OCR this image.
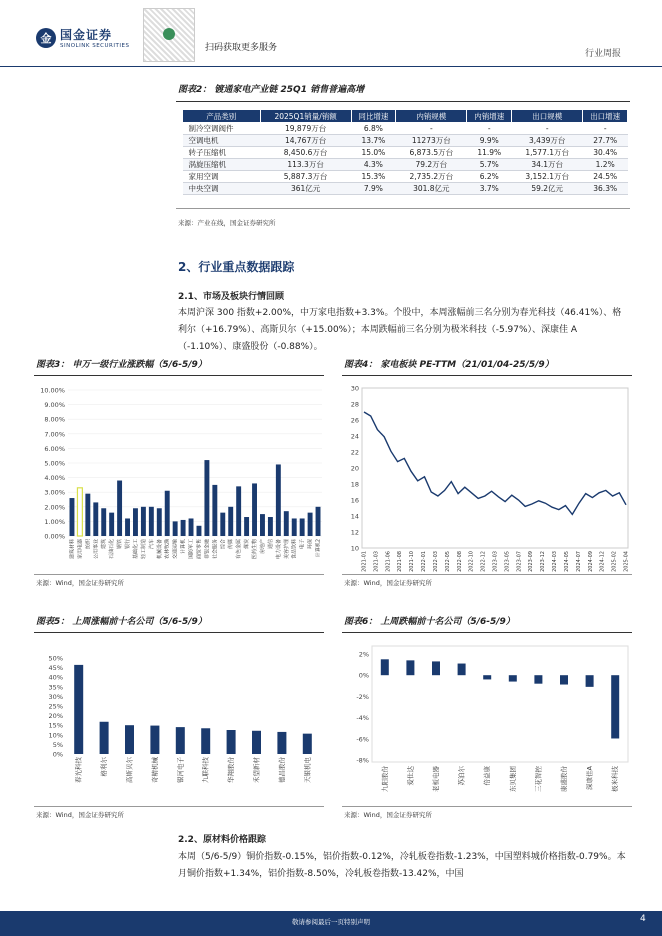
金 国金证券
SINOLINK SECURITIES	扫码获取更多服务
行业周报
图表2： 镀通家电产业链 25Q1 销售普遍高增
产品类别	2025Q1销量/销额	同比增速	内销规模	内销增速	出口规模	出口增速
制冷空调阀件	19,879万台	6.8%	-	-	-	-
空调电机	14,767万台	13.7%	11273万台	9.9%	3,439万台	27.7%
转子压缩机	8,450.6万台	15.0%	6,873.5万台	11.9%	1,577.1万台	30.4%
涡旋压缩机	113.3万台	4.3%	79.2万台	5.7%	34.1万台	1.2%
家用空调	5,887.3万台	15.3%	2,735.2万台	6.2%	3,152.1万台	24.5%
中央空调	361亿元	7.9%	301.8亿元	3.7%	59.2亿元	36.3%
来源：产业在线，国金证券研究所
2、行业重点数据跟踪
2.1、市场及板块行情回顾
本周沪深 300 指数+2.00%，中万家电指数+3.3%。个股中，本周涨幅前三名分别为春光科技（46.41%）、格利尔（+16.79%）、高斯贝尔（+15.00%）；本周跌幅前三名分别为极米科技（-5.97%）、深康佳 A（-1.10%）、康盛股份（-0.88%）。
图表3： 申万一级行业涨跌幅（5/6-5/9）
10.00%
9.00%
8.00%
7.00%
6.00%
5.00%
4.00%
3.00%
2.00%
1.00%
0.00%
建筑材料 家用电器 纺织 公用事业 建筑 石油石化 钢铁 银行 基础化工 轻工制造 汽车 机械设备 农林牧渔 交通运输 计算机 国防军工 商贸零售 非银金融 社会服务 综合 传媒 有色金属 煤炭 医药生物 房地产 通信 电力设备 美容护理 食品饮料 电子 环保 计算机2
来源：Wind，国金证券研究所
图表4： 家电板块 PE-TTM（21/01/04-25/5/9）
30
28
26
24
22
20
18
16
14
12
10
2021-01 2021-03 2021-06 2021-08 2021-10 2022-01 2022-03 2022-05 2022-08 2022-10 2022-12 2023-03 2023-05 2023-07 2023-09 2023-12 2024-03 2024-05 2024-07 2024-09 2024-12 2025-02 2025-04
来源：Wind，国金证券研究所
图表5： 上周涨幅前十名公司（5/6-5/9）
50%
45%
40%
35%
30%
25%
20%
15%
10%
5%
0%
春光科技	格利尔	高斯贝尔	奇精机械	银河电子	九联科技	华翔股份	禾望新材	德昌股份	天银机电
来源：Wind，国金证券研究所
图表6： 上周跌幅前十名公司（5/6-5/9）
2%
0%
-2%
-4%
-6%
-8%
九阳股份	爱仕达	老板电器	苏泊尔	倍益康	东贝集团	三花智控	康盛股份	深康佳A	极米科技
来源：Wind，国金证券研究所
2.2、原材料价格跟踪
本周（5/6-5/9）铜价指数-0.15%，铝价指数-0.12%，冷轧板卷指数-1.23%，中国塑料城价格指数-0.79%。本月铜价指数+1.34%，铝价指数-8.50%，冷轧板卷指数-13.42%，中国
敬请参阅最后一页特别声明	4
